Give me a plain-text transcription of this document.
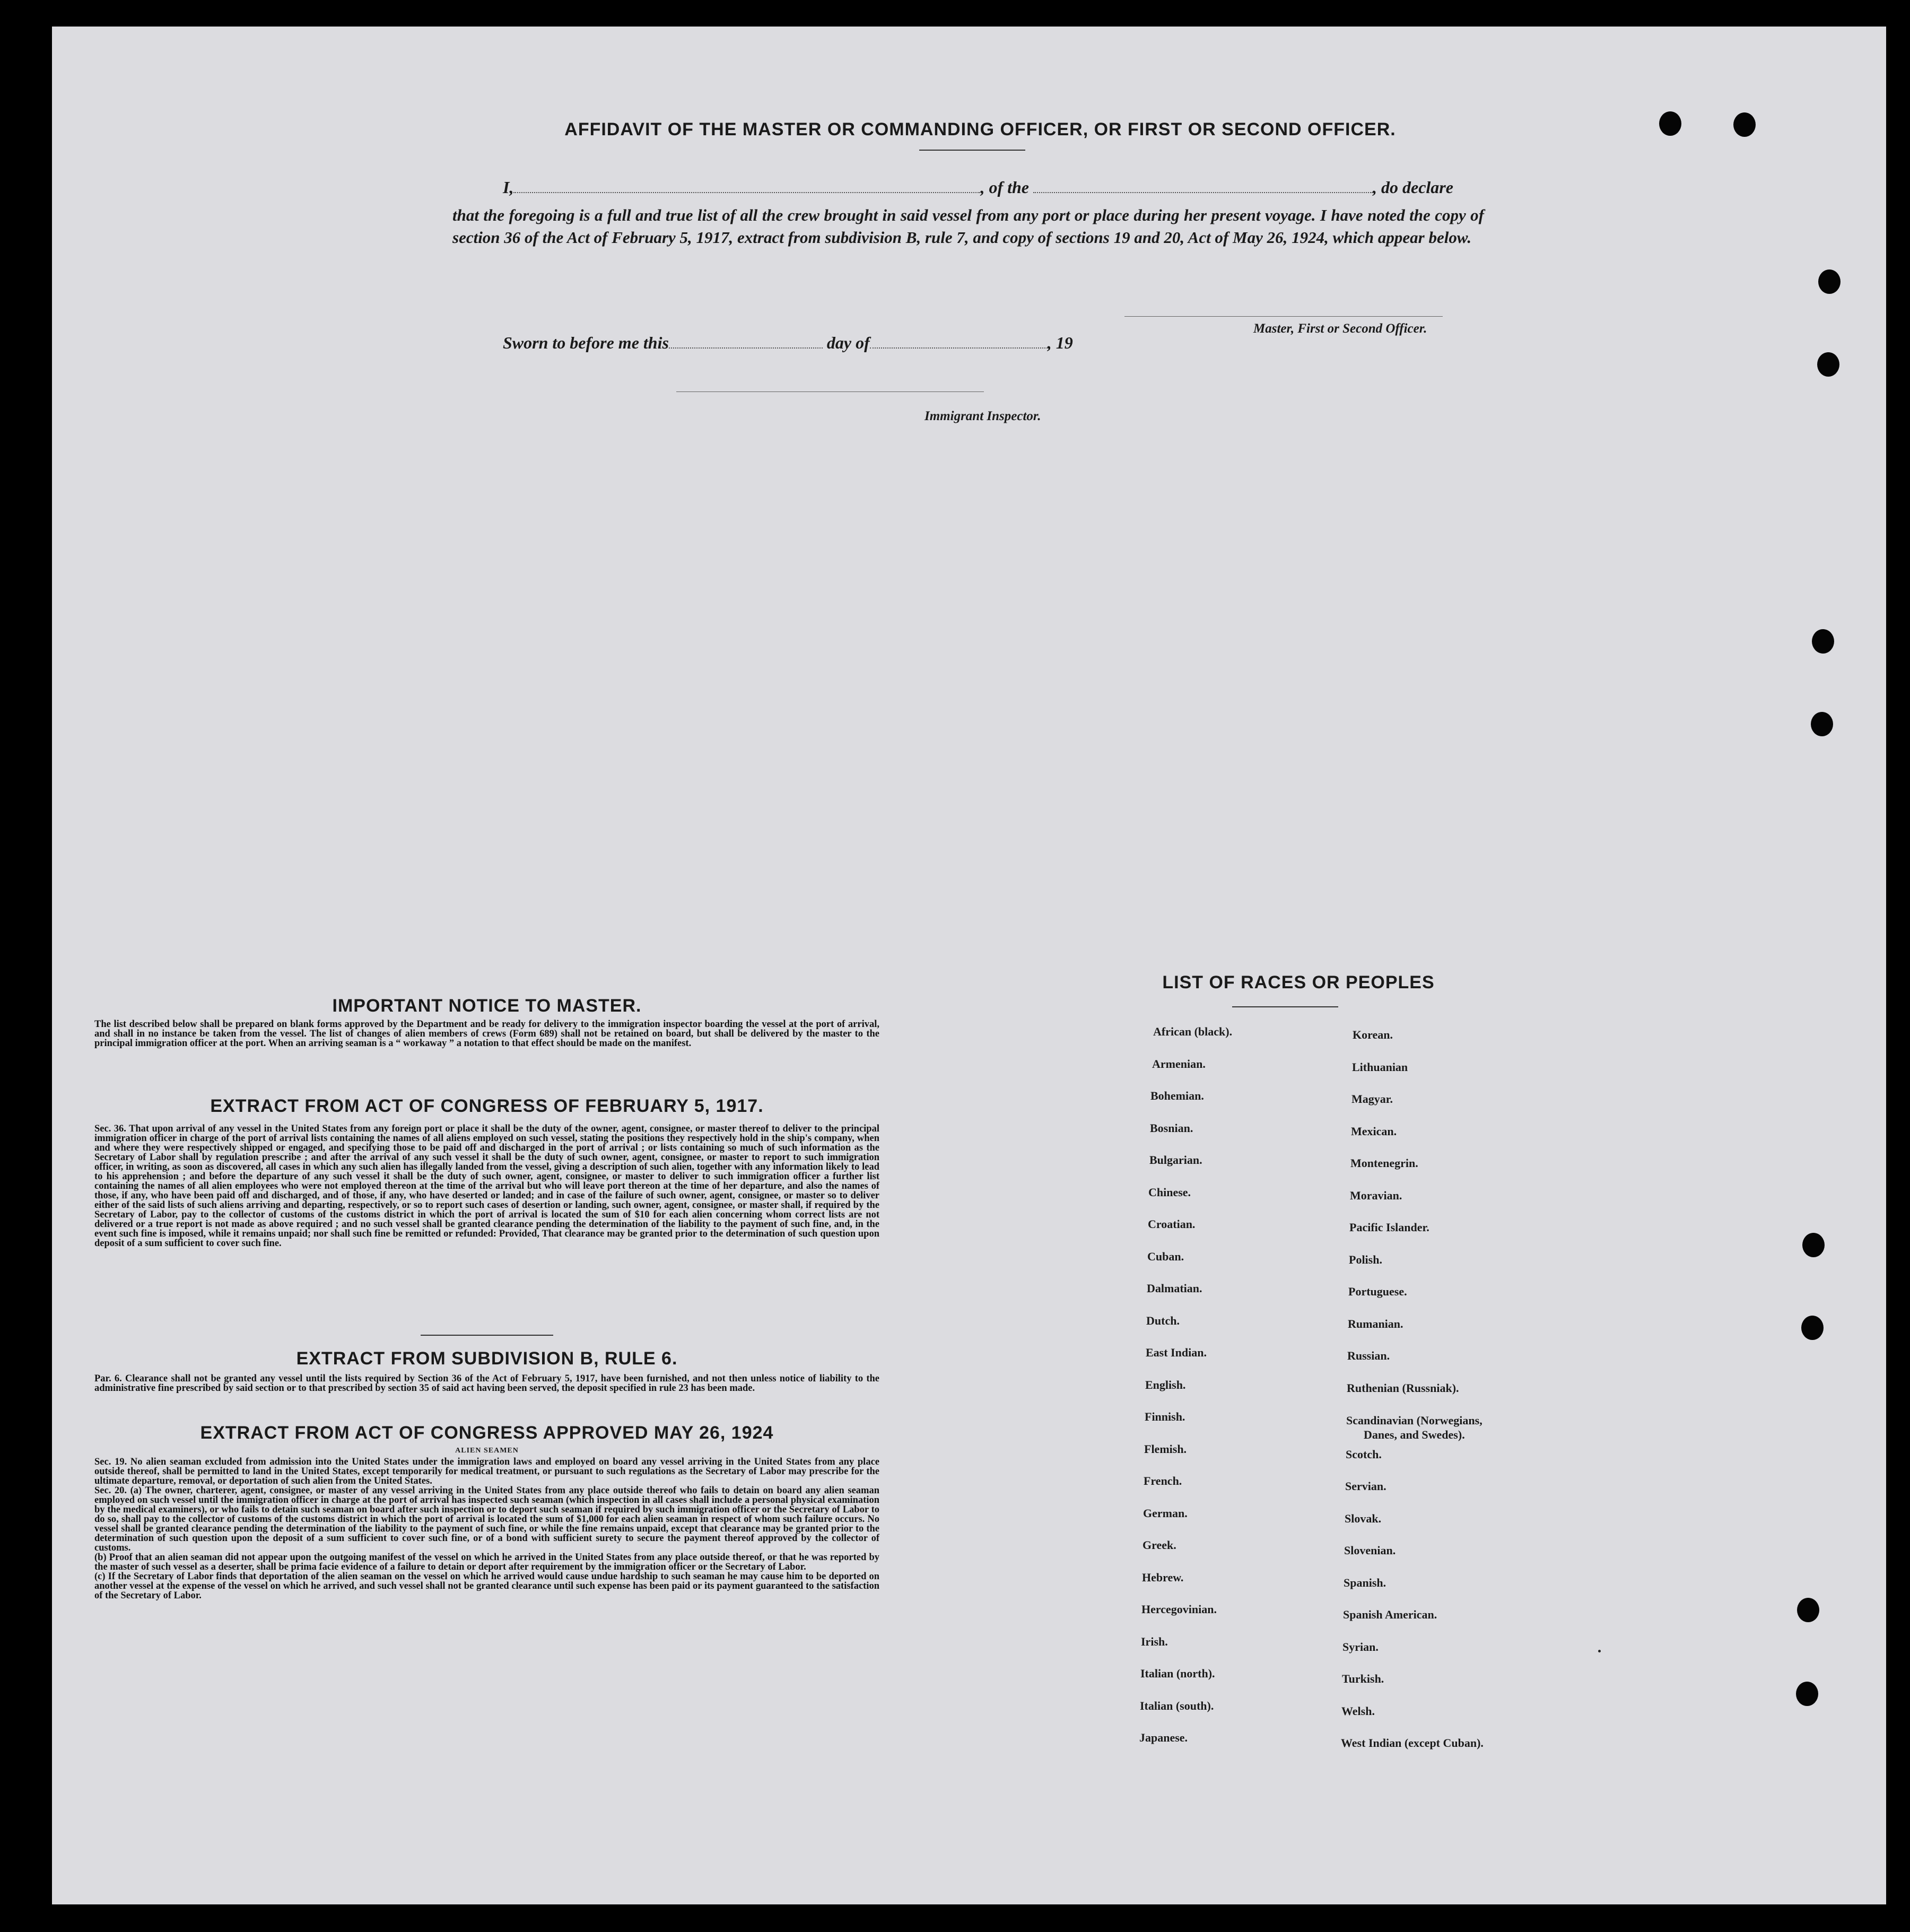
AFFIDAVIT OF THE MASTER OR COMMANDING OFFICER, OR FIRST OR SECOND OFFICER.
I,	, of the	, do declare
that the foregoing is a full and true list of all the crew brought in said vessel from any port or place during her present voyage. I have noted the copy of section 36 of the Act of February 5, 1917, extract from subdivision B, rule 7, and copy of sections 19 and 20, Act of May 26, 1924, which appear below.
Master, First or Second Officer.
Sworn to before me this	day of	, 19
Immigrant Inspector.
IMPORTANT NOTICE TO MASTER.
The list described below shall be prepared on blank forms approved by the Department and be ready for delivery to the immigration inspector boarding the vessel at the port of arrival, and shall in no instance be taken from the vessel. The list of changes of alien members of crews (Form 689) shall not be retained on board, but shall be delivered by the master to the principal immigration officer at the port. When an arriving seaman is a “ workaway ” a notation to that effect should be made on the manifest.
EXTRACT FROM ACT OF CONGRESS OF FEBRUARY 5, 1917.
Sec. 36. That upon arrival of any vessel in the United States from any foreign port or place it shall be the duty of the owner, agent, consignee, or master thereof to deliver to the principal immigration officer in charge of the port of arrival lists containing the names of all aliens employed on such vessel, stating the positions they respectively hold in the ship's company, when and where they were respectively shipped or engaged, and specifying those to be paid off and discharged in the port of arrival ; or lists containing so much of such information as the Secretary of Labor shall by regulation prescribe ; and after the arrival of any such vessel it shall be the duty of such owner, agent, consignee, or master to report to such immigration officer, in writing, as soon as discovered, all cases in which any such alien has illegally landed from the vessel, giving a description of such alien, together with any information likely to lead to his apprehension ; and before the departure of any such vessel it shall be the duty of such owner, agent, consignee, or master to deliver to such immigration officer a further list containing the names of all alien employees who were not employed thereon at the time of the arrival but who will leave port thereon at the time of her departure, and also the names of those, if any, who have been paid off and discharged, and of those, if any, who have deserted or landed; and in case of the failure of such owner, agent, consignee, or master so to deliver either of the said lists of such aliens arriving and departing, respectively, or so to report such cases of desertion or landing, such owner, agent, consignee, or master shall, if required by the Secretary of Labor, pay to the collector of customs of the customs district in which the port of arrival is located the sum of $10 for each alien concerning whom correct lists are not delivered or a true report is not made as above required ; and no such vessel shall be granted clearance pending the determination of the liability to the payment of such fine, and, in the event such fine is imposed, while it remains unpaid; nor shall such fine be remitted or refunded: Provided, That clearance may be granted prior to the determination of such question upon deposit of a sum sufficient to cover such fine.
EXTRACT FROM SUBDIVISION B, RULE 6.
Par. 6. Clearance shall not be granted any vessel until the lists required by Section 36 of the Act of February 5, 1917, have been furnished, and not then unless notice of liability to the administrative fine prescribed by said section or to that prescribed by section 35 of said act having been served, the deposit specified in rule 23 has been made.
EXTRACT FROM ACT OF CONGRESS APPROVED MAY 26, 1924
ALIEN SEAMEN

Sec. 19. No alien seaman excluded from admission into the United States under the immigration laws and employed on board any vessel arriving in the United States from any place outside thereof, shall be permitted to land in the United States, except temporarily for medical treatment, or pursuant to such regulations as the Secretary of Labor may prescribe for the ultimate departure, removal, or deportation of such alien from the United States.

Sec. 20. (a) The owner, charterer, agent, consignee, or master of any vessel arriving in the United States from any place outside thereof who fails to detain on board any alien seaman employed on such vessel until the immigration officer in charge at the port of arrival has inspected such seaman (which inspection in all cases shall include a personal physical examination by the medical examiners), or who fails to detain such seaman on board after such inspection or to deport such seaman if required by such immigration officer or the Secretary of Labor to do so, shall pay to the collector of customs of the customs district in which the port of arrival is located the sum of $1,000 for each alien seaman in respect of whom such failure occurs. No vessel shall be granted clearance pending the determination of the liability to the payment of such fine, or while the fine remains unpaid, except that clearance may be granted prior to the determination of such question upon the deposit of a sum sufficient to cover such fine, or of a bond with sufficient surety to secure the payment thereof approved by the collector of customs.

(b) Proof that an alien seaman did not appear upon the outgoing manifest of the vessel on which he arrived in the United States from any place outside thereof, or that he was reported by the master of such vessel as a deserter, shall be prima facie evidence of a failure to detain or deport after requirement by the immigration officer or the Secretary of Labor.

(c) If the Secretary of Labor finds that deportation of the alien seaman on the vessel on which he arrived would cause undue hardship to such seaman he may cause him to be deported on another vessel at the expense of the vessel on which he arrived, and such vessel shall not be granted clearance until such expense has been paid or its payment guaranteed to the satisfaction of the Secretary of Labor.

LIST OF RACES OR PEOPLES
African (black).
Armenian.
Bohemian.
Bosnian.
Bulgarian.
Chinese.
Croatian.
Cuban.
Dalmatian.
Dutch.
East Indian.
English.
Finnish.
Flemish.
French.
German.
Greek.
Hebrew.
Hercegovinian.
Irish.
Italian (north).
Italian (south).
Japanese.
Korean.
Lithuanian
Magyar.
Mexican.
Montenegrin.
Moravian.
Pacific Islander.
Polish.
Portuguese.
Rumanian.
Russian.
Ruthenian (Russniak).
Scandinavian (Norwegians,
Danes, and Swedes).
Scotch.
Servian.
Slovak.
Slovenian.
Spanish.
Spanish American.
Syrian.
Turkish.
Welsh.
West Indian (except Cuban).
